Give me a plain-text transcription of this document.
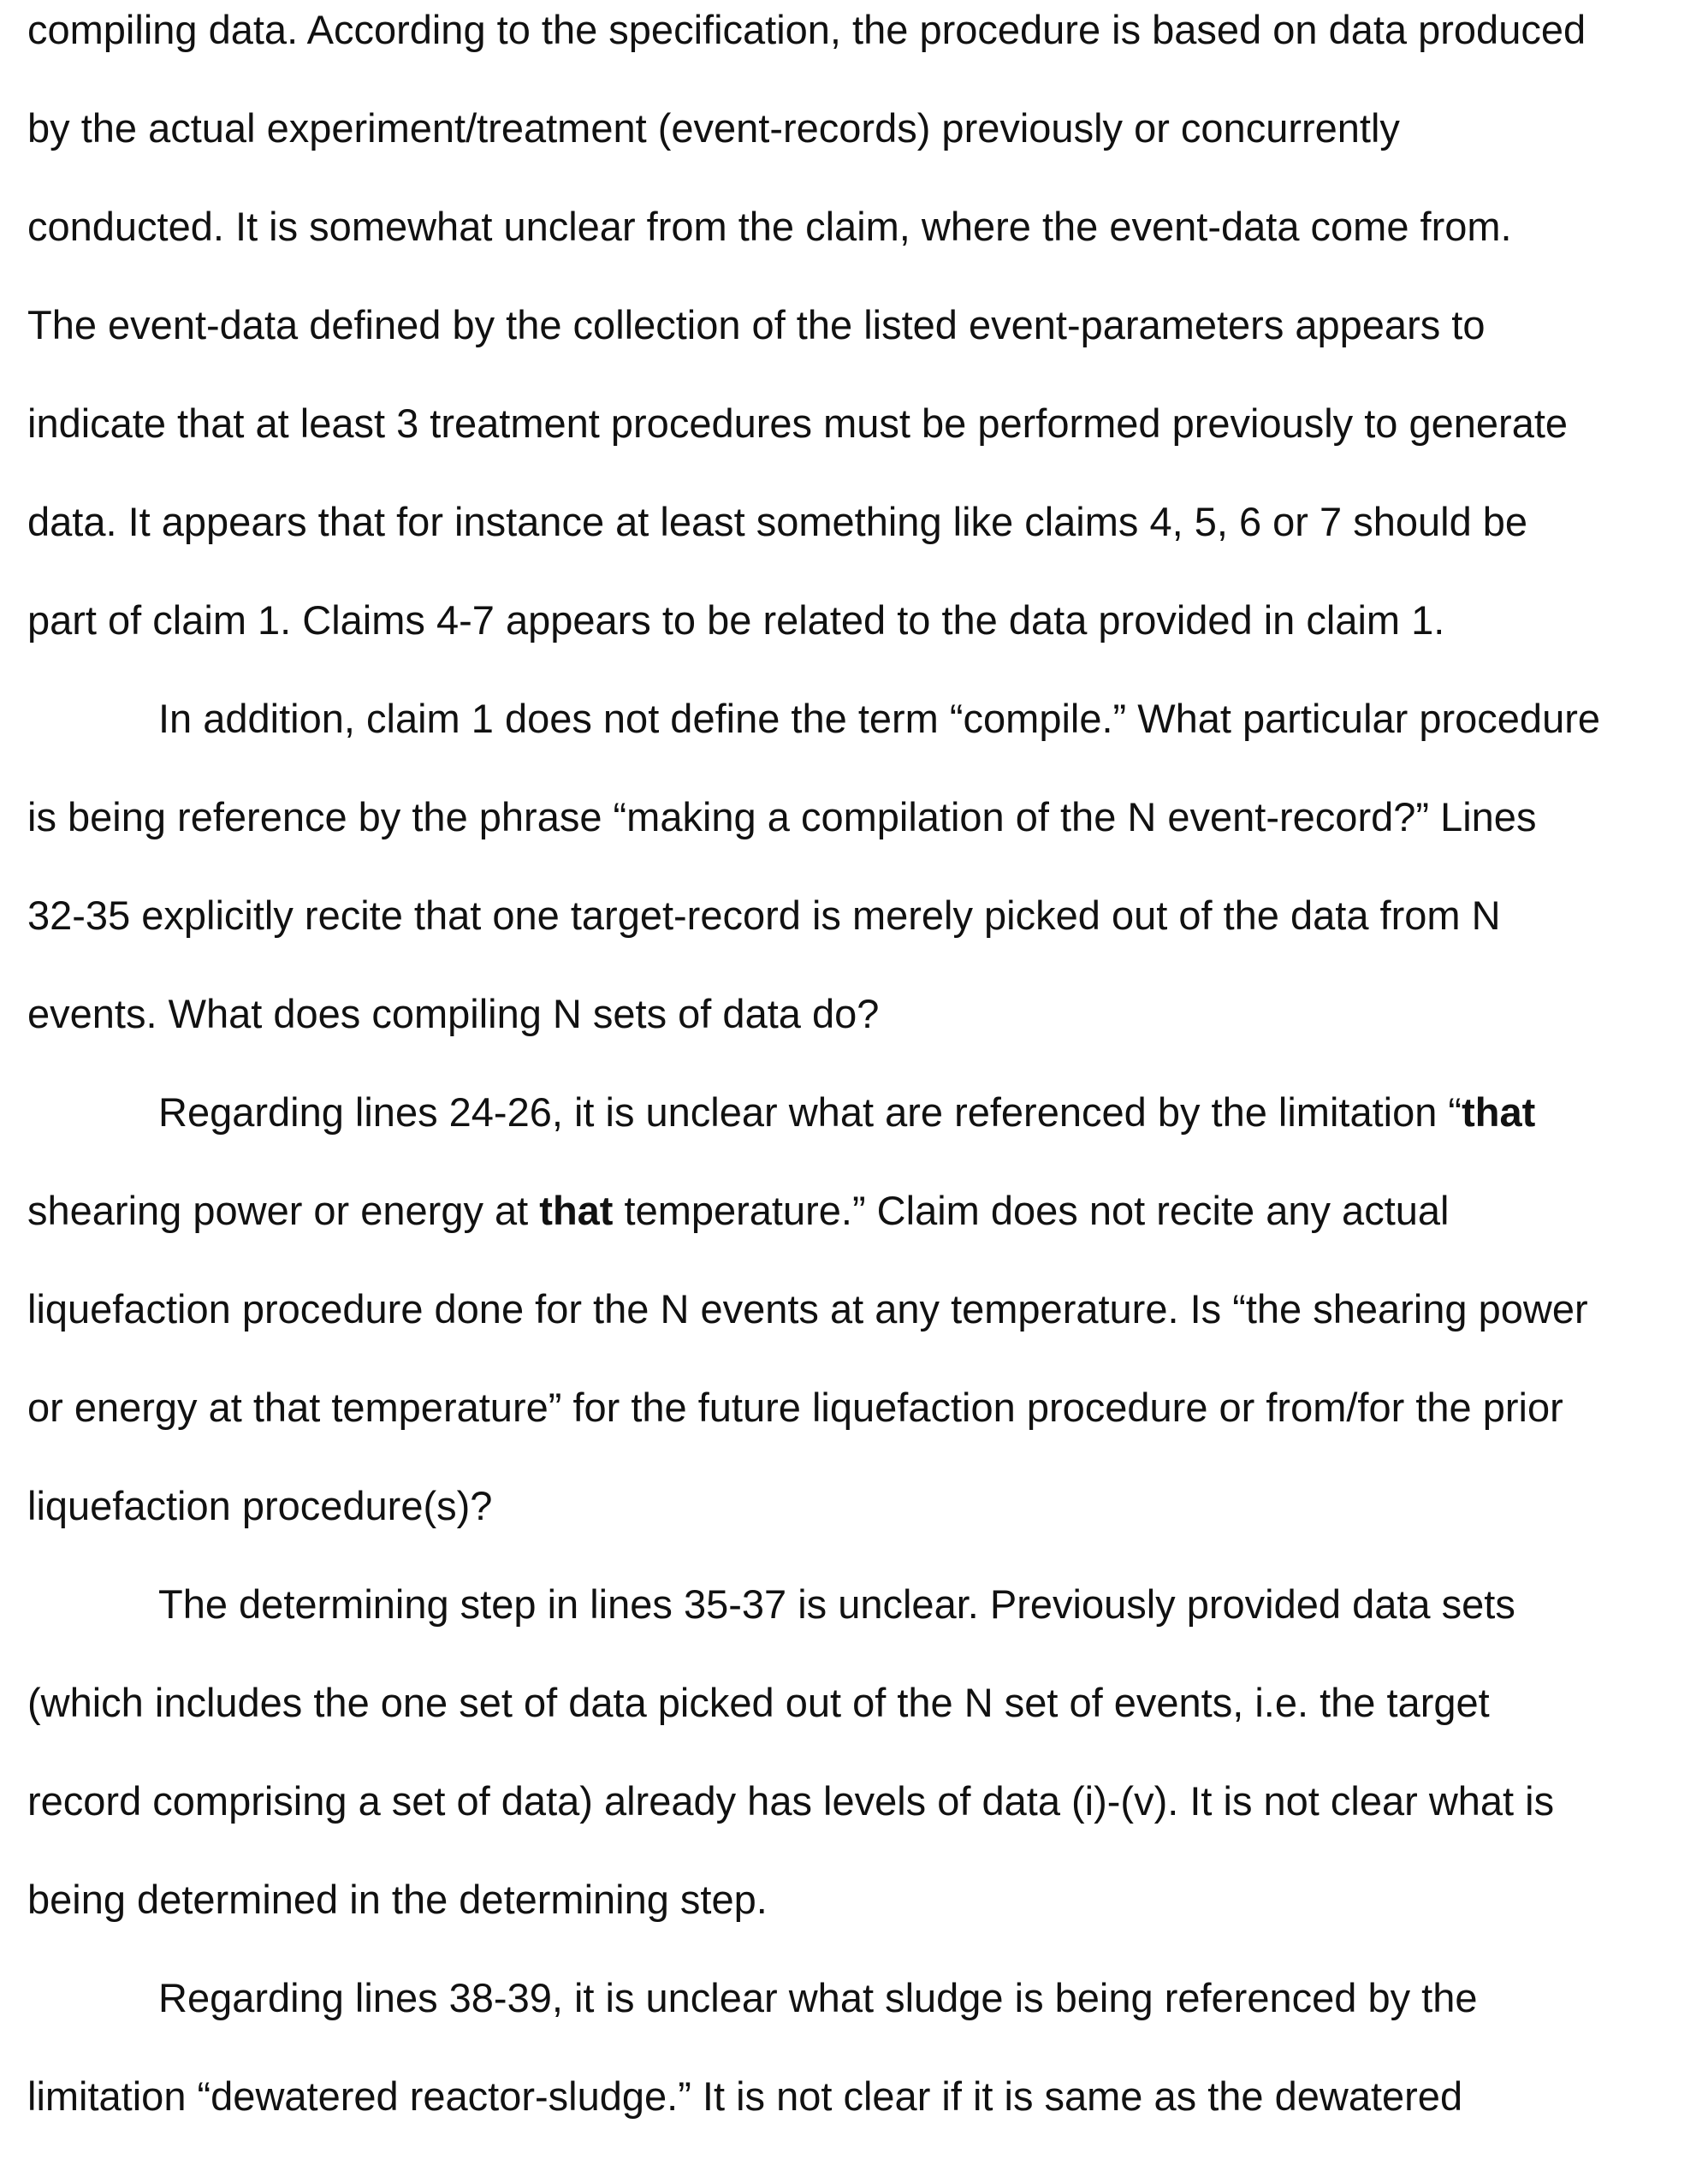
compiling data. According to the specification, the procedure is based on data produced
by the actual experiment/treatment (event-records) previously or concurrently
conducted. It is somewhat unclear from the claim, where the event-data come from.
The event-data defined by the collection of the listed event-parameters appears to
indicate that at least 3 treatment procedures must be performed previously to generate
data. It appears that for instance at least something like claims 4, 5, 6 or 7 should be
part of claim 1. Claims 4-7 appears to be related to the data provided in claim 1.
In addition, claim 1 does not define the term “compile.” What particular procedure
is being reference by the phrase “making a compilation of the N event-record?” Lines
32-35 explicitly recite that one target-record is merely picked out of the data from N
events. What does compiling N sets of data do?
Regarding lines 24-26, it is unclear what are referenced by the limitation “that
shearing power or energy at that temperature.” Claim does not recite any actual
liquefaction procedure done for the N events at any temperature. Is “the shearing power
or energy at that temperature” for the future liquefaction procedure or from/for the prior
liquefaction procedure(s)?
The determining step in lines 35-37 is unclear. Previously provided data sets
(which includes the one set of data picked out of the N set of events, i.e. the target
record comprising a set of data) already has levels of data (i)-(v). It is not clear what is
being determined in the determining step.
Regarding lines 38-39, it is unclear what sludge is being referenced by the
limitation “dewatered reactor-sludge.” It is not clear if it is same as the dewatered
